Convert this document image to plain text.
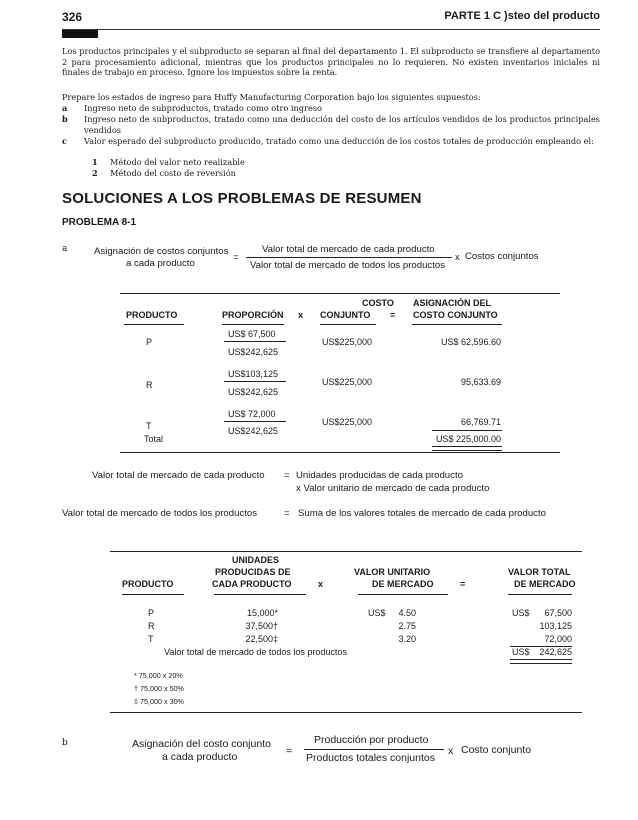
326	PARTE 1 C )steo del producto
Los productos principales y el subproducto se separan al final del departamento 1. El subproducto se transfiere al departamento 2 para procesamiento adicional, mientras que los productos principales no lo requieren. No existen inventarios iniciales ni finales de trabajo en proceso. Ignore los impuestos sobre la renta.
Prepare los estados de ingreso para Huffy Manufacturing Corporation bajo los siguientes supuestos:
a Ingreso neto de subproductos, tratado como otro ingreso
b Ingreso neto de subproductos, tratado como una deducción del costo de los artículos vendidos de los productos principales vendidos
c Valor esperado del subproducto producido, tratado como una deducción de los costos totales de producción empleando el:
1 Método del valor neto realizable
2 Método del costo de reversión
SOLUCIONES A LOS PROBLEMAS DE RESUMEN
PROBLEMA 8-1
a	Asignación de costos conjuntos
a cada producto
=
Valor total de mercado de cada producto
Valor total de mercado de todos los productos
x Costos conjuntos
COSTO ASIGNACIÓN DEL
PRODUCTO	PROPORCIÓN x CONJUNTO = COSTO CONJUNTO
P
US$ 67,500
US$242,625
US$225,000	US$ 62,596.60
R
US$103,125
US$242,625
US$225,000	95,633.69
T
US$ 72,000
US$242,625
US$225,000	66,769.71
Total	US$ 225,000.00
Valor total de mercado de cada producto = Unidades producidas de cada producto
x Valor unitario de mercado de cada producto
Valor total de mercado de todos los productos	= Suma de los valores totales de mercado de cada producto
UNIDADES
PRODUCIDAS DE	VALOR UNITARIO	VALOR TOTAL
PRODUCTO	CADA PRODUCTO	x	DE MERCADO	=	DE MERCADO
P	15,000*	US$ 4.50	US$ 67,500
R	37,500†	2.75	103,125
T	22,500‡	3.20	72,000
Valor total de mercado de todos los productos	US$ 242,625
* 75,000 x 20%
† 75,000 x 50%
‡ 75,000 x 30%
b	Asignación del costo conjunto
a cada producto	=
Producción por producto
Productos totales conjuntos
x Costo conjunto
